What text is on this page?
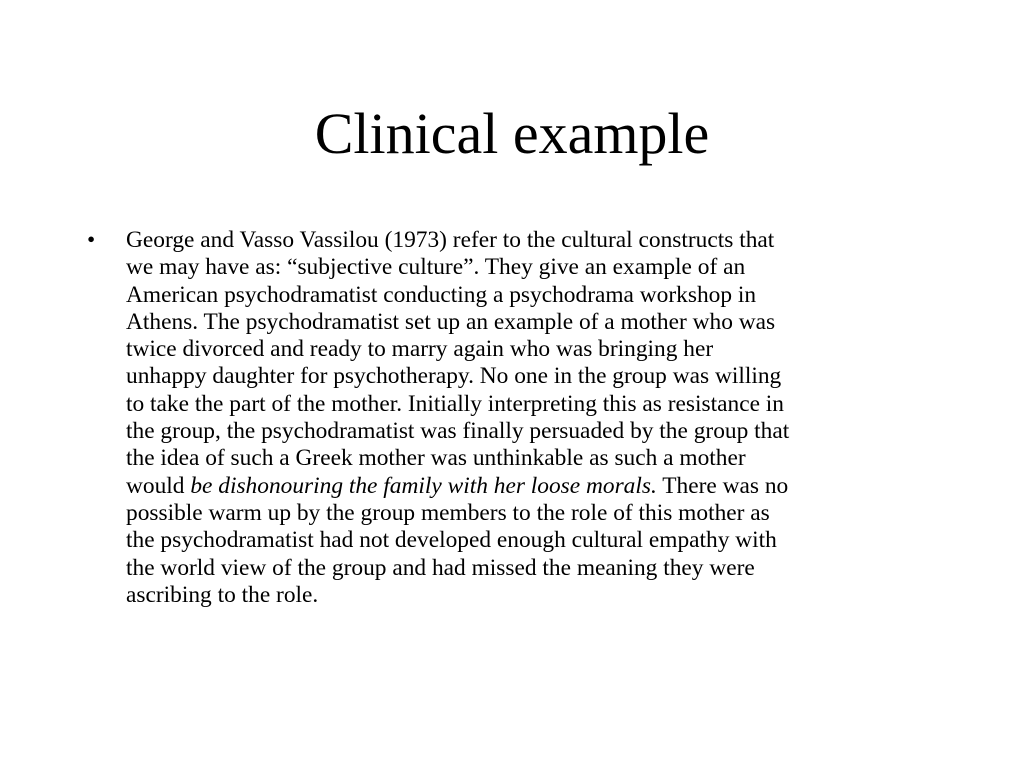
Clinical example
• George and Vasso Vassilou (1973) refer to the cultural constructs that
we may have as: “subjective culture”. They give an example of an
American psychodramatist conducting a psychodrama workshop in
Athens. The psychodramatist set up an example of a mother who was
twice divorced and ready to marry again who was bringing her
unhappy daughter for psychotherapy. No one in the group was willing
to take the part of the mother. Initially interpreting this as resistance in
the group, the psychodramatist was finally persuaded by the group that
the idea of such a Greek mother was unthinkable as such a mother
would be dishonouring the family with her loose morals. There was no
possible warm up by the group members to the role of this mother as
the psychodramatist had not developed enough cultural empathy with
the world view of the group and had missed the meaning they were
ascribing to the role.
